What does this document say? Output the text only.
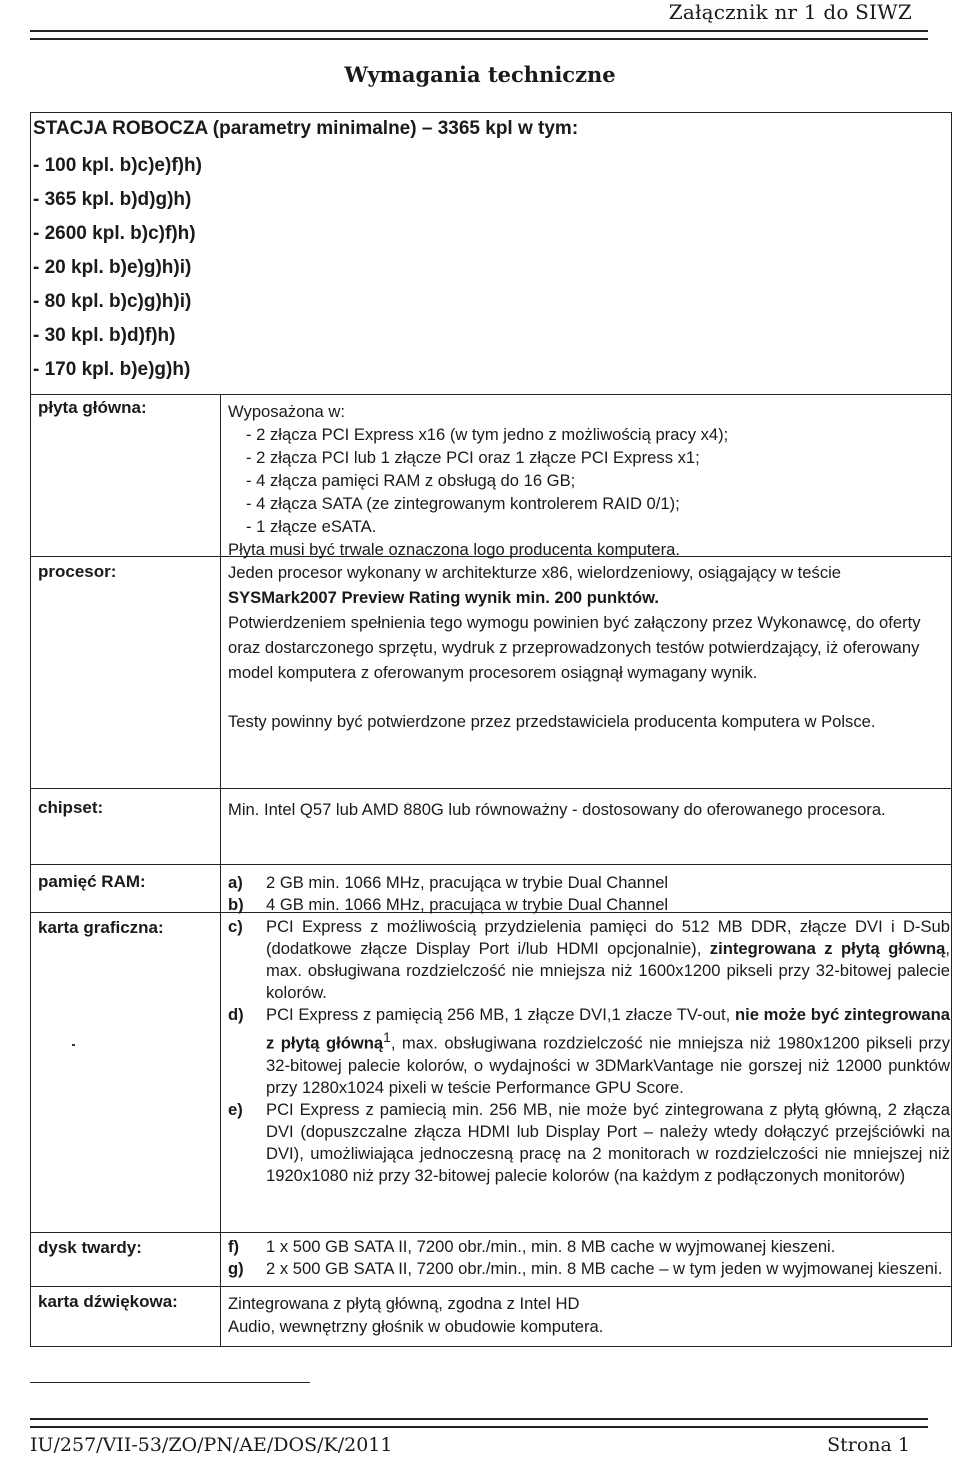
Załącznik nr 1 do SIWZ
Wymagania techniczne
STACJA ROBOCZA (parametry minimalne) – 3365 kpl w tym:
- 100 kpl. b)c)e)f)h)
- 365 kpl. b)d)g)h)
- 2600 kpl. b)c)f)h)
- 20 kpl. b)e)g)h)i)
- 80 kpl. b)c)g)h)i)
- 30 kpl. b)d)f)h)
- 170 kpl. b)e)g)h)
płyta główna:	Wyposażona w:

- 2 złącza PCI Express x16 (w tym jedno z możliwością pracy x4);

- 2 złącza PCI lub 1 złącze PCI oraz 1 złącze PCI Express x1;

- 4 złącza pamięci RAM z obsługą do 16 GB;

- 4 złącza SATA (ze zintegrowanym kontrolerem RAID 0/1);

- 1 złącze eSATA.

Płyta musi być trwale oznaczona logo producenta komputera.

procesor:	Jeden procesor wykonany w architekturze x86, wielordzeniowy, osiągający w teście

SYSMark2007 Preview Rating wynik min. 200 punktów.

Potwierdzeniem spełnienia tego wymogu powinien być załączony przez Wykonawcę, do oferty oraz dostarczonego sprzętu, wydruk z przeprowadzonych testów potwierdzający, iż oferowany model komputera z oferowanym procesorem osiągnął wymagany wynik.

Testy powinny być potwierdzone przez przedstawiciela producenta komputera w Polsce.

chipset:	Min. Intel Q57 lub AMD 880G lub równoważny - dostosowany do oferowanego procesora.

pamięć RAM:	a) 2 GB min. 1066 MHz, pracująca w trybie Dual Channel
b) 4 GB min. 1066 MHz, pracująca w trybie Dual Channel
karta graficzna:	c) PCI Express z możliwością przydzielenia pamięci do 512 MB DDR, złącze DVI i D-Sub (dodatkowe złącze Display Port i/lub HDMI opcjonalnie), zintegrowana z płytą główną, max. obsługiwana rozdzielczość nie mniejsza niż 1600x1200 pikseli przy 32-bitowej palecie kolorów.
d) PCI Express z pamięcią 256 MB, 1 złącze DVI,1 złacze TV-out, nie może być zintegrowana z płytą główną$^1$, max. obsługiwana rozdzielczość nie mniejsza niż 1980x1200 pikseli przy 32-bitowej palecie kolorów, o wydajności w 3DMarkVantage nie gorszej niż 12000 punktów przy 1280x1024 pixeli w teście Performance GPU Score.
e) PCI Express z pamiecią min. 256 MB, nie może być zintegrowana z płytą główną, 2 złącza DVI (dopuszczalne złącza HDMI lub Display Port – należy wtedy dołączyć przejściówki na DVI), umożliwiająca jednoczesną pracę na 2 monitorach w rozdzielczości nie mniejszej niż 1920x1080 niż przy 32-bitowej palecie kolorów (na każdym z podłączonych monitorów)
dysk twardy:	f) 1 x 500 GB SATA II, 7200 obr./min., min. 8 MB cache w wyjmowanej kieszeni.
g) 2 x 500 GB SATA II, 7200 obr./min., min. 8 MB cache – w tym jeden w wyjmowanej kieszeni.
karta dźwiękowa:	Zintegrowana z płytą główną, zgodna z Intel HD Audio, wewnętrzny głośnik w obudowie komputera.

IU/257/VII-53/ZO/PN/AE/DOS/K/2011	Strona 1
